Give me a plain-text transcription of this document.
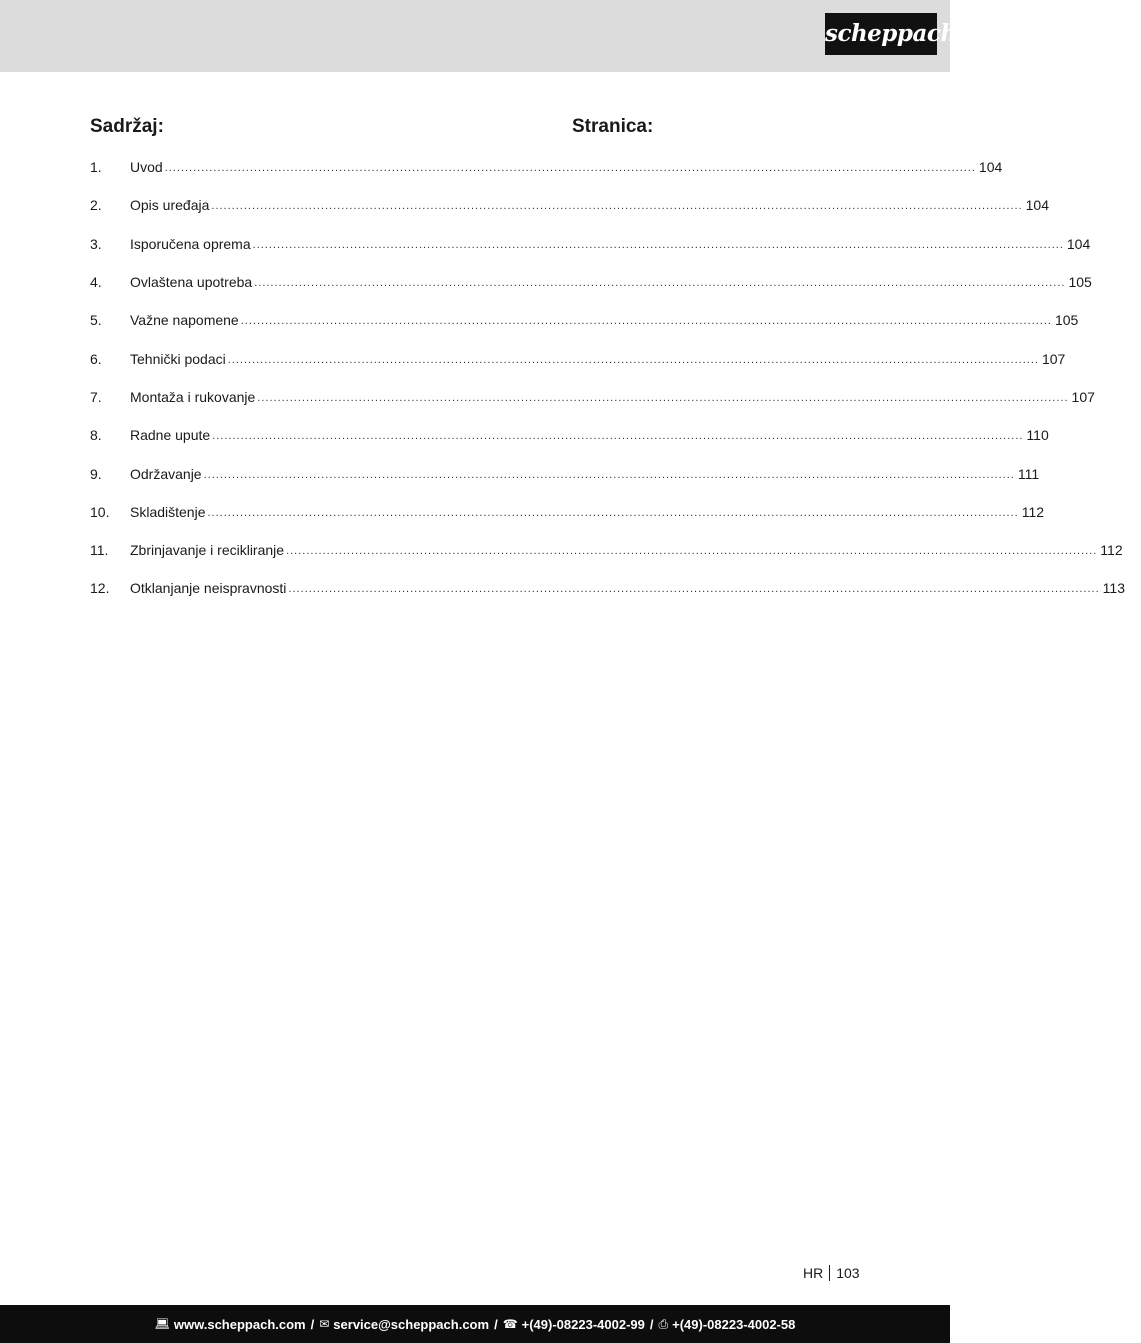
scheppach
Sadržaj:	Stranica:
1.	Uvod ........................................................................................................................................................................................................ 104
2.	Opis uređaja ........................................................................................................................................................................................................ 104
3.	Isporučena oprema ........................................................................................................................................................................................................ 104
4.	Ovlaštena upotreba ........................................................................................................................................................................................................ 105
5.	Važne napomene ........................................................................................................................................................................................................ 105
6.	Tehnički podaci ........................................................................................................................................................................................................ 107
7.	Montaža i rukovanje ........................................................................................................................................................................................................ 107
8.	Radne upute ........................................................................................................................................................................................................ 110
9.	Održavanje ........................................................................................................................................................................................................ 111
10.	Skladištenje ........................................................................................................................................................................................................ 112
11.	Zbrinjavanje i recikliranje ........................................................................................................................................................................................................ 112
12.	Otklanjanje neispravnosti ........................................................................................................................................................................................................ 113
HR 103
💻︎ www.scheppach.com / ✉︎ service@scheppach.com / ☎︎ +(49)-08223-4002-99 / ⎙︎ +(49)-08223-4002-58
